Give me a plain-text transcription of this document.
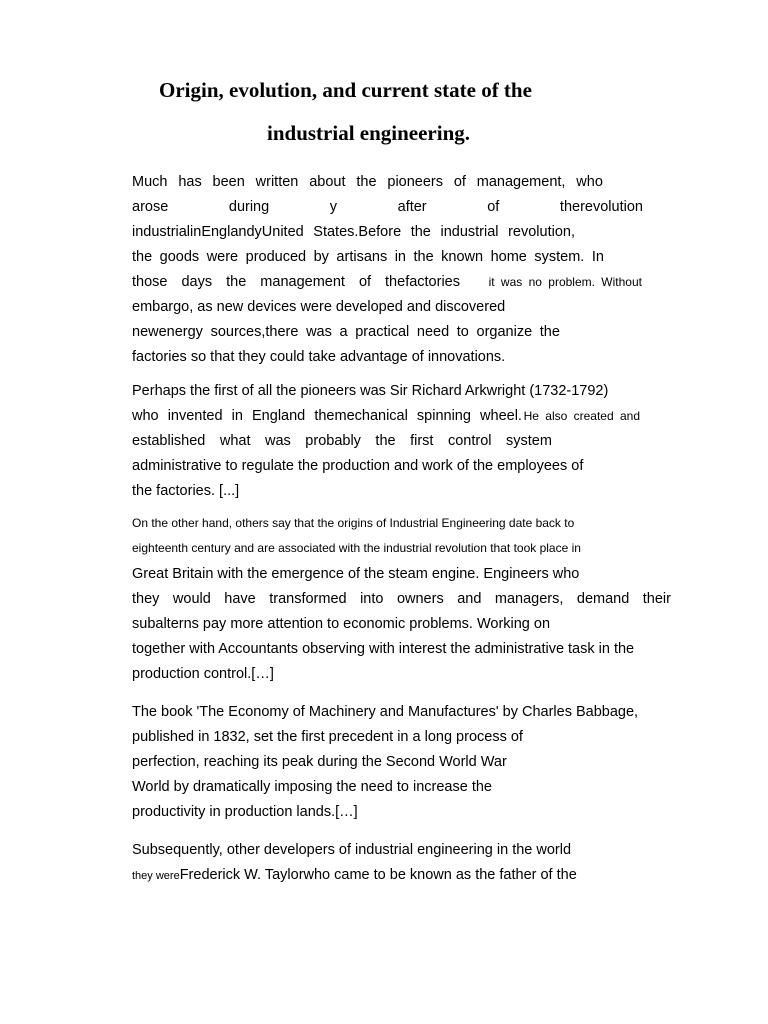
Origin, evolution, and current state of the
industrial engineering.
Much has been written about the pioneers of management, who
arose	during	y	after	of	therevolution
industrialinEnglandyUnited States.Before the industrial revolution,
the goods were produced by artisans in the known home system. In
those days the management of thefactories it was no problem. Without
embargo, as new devices were developed and discovered
newenergy sources,there was a practical need to organize the
factories so that they could take advantage of innovations.
Perhaps the first of all the pioneers was Sir Richard Arkwright (1732-1792)
who invented in England themechanical spinning wheel. He also created and
established what was probably the first control system
administrative to regulate the production and work of the employees of
the factories. [...]
On the other hand, others say that the origins of Industrial Engineering date back to
eighteenth century and are associated with the industrial revolution that took place in
Great Britain with the emergence of the steam engine. Engineers who
they would have transformed into owners and managers, demand their
subalterns pay more attention to economic problems. Working on
together with Accountants observing with interest the administrative task in the
production control.[…]
The book 'The Economy of Machinery and Manufactures' by Charles Babbage,
published in 1832, set the first precedent in a long process of
perfection, reaching its peak during the Second World War
World by dramatically imposing the need to increase the
productivity in production lands.[…]
Subsequently, other developers of industrial engineering in the world
they wereFrederick W. Taylorwho came to be known as the father of the
